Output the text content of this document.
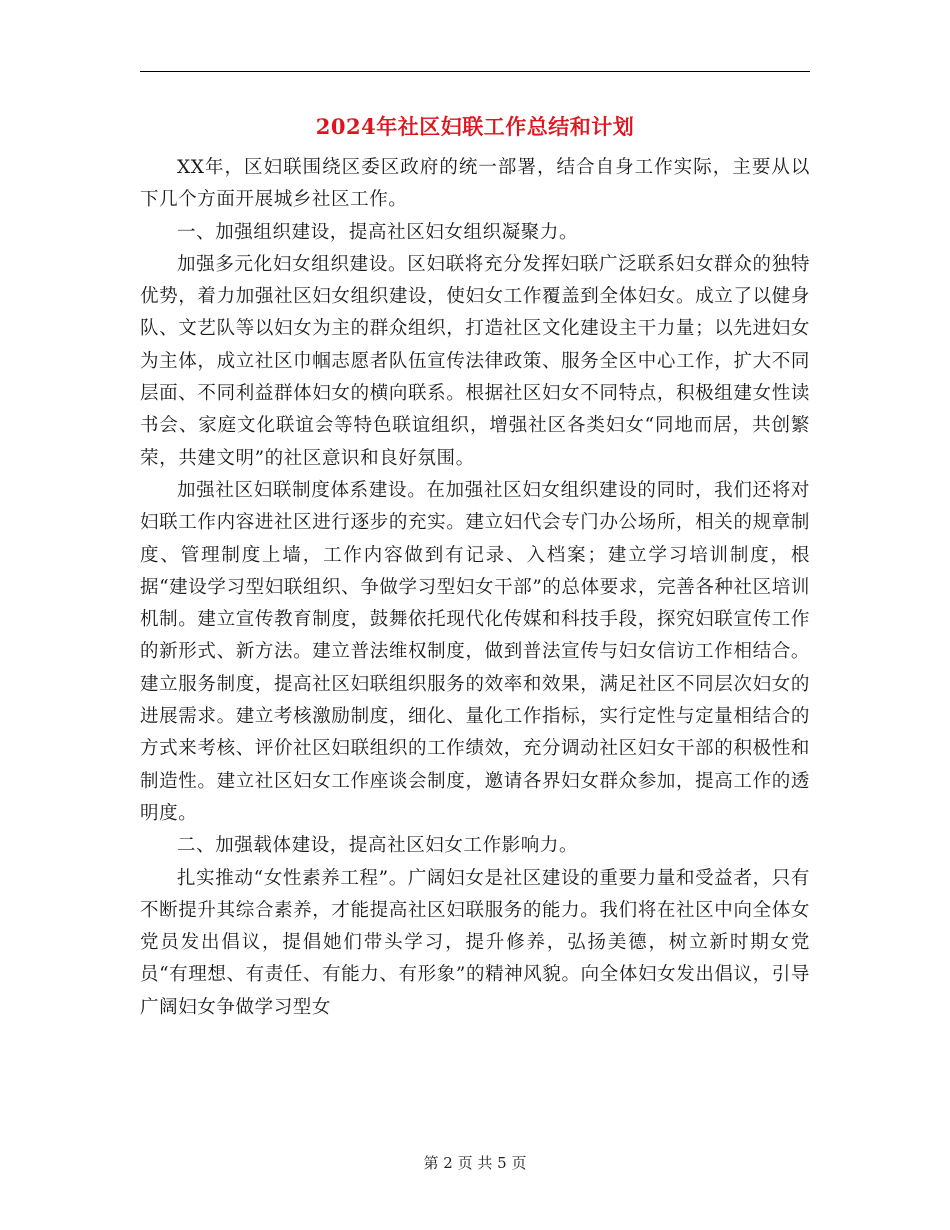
2024年社区妇联工作总结和计划

XX年，区妇联围绕区委区政府的统一部署，结合自身工作实际，主要从以下几个方面开展城乡社区工作。

一、加强组织建设，提高社区妇女组织凝聚力。

加强多元化妇女组织建设。区妇联将充分发挥妇联广泛联系妇女群众的独特优势，着力加强社区妇女组织建设，使妇女工作覆盖到全体妇女。成立了以健身队、文艺队等以妇女为主的群众组织，打造社区文化建设主干力量；以先进妇女为主体，成立社区巾帼志愿者队伍宣传法律政策、服务全区中心工作，扩大不同层面、不同利益群体妇女的横向联系。根据社区妇女不同特点，积极组建女性读书会、家庭文化联谊会等特色联谊组织，增强社区各类妇女“同地而居，共创繁荣，共建文明”的社区意识和良好氛围。

加强社区妇联制度体系建设。在加强社区妇女组织建设的同时，我们还将对妇联工作内容进社区进行逐步的充实。建立妇代会专门办公场所，相关的规章制度、管理制度上墙，工作内容做到有记录、入档案；建立学习培训制度，根据“建设学习型妇联组织、争做学习型妇女干部”的总体要求，完善各种社区培训机制。建立宣传教育制度，鼓舞依托现代化传媒和科技手段，探究妇联宣传工作的新形式、新方法。建立普法维权制度，做到普法宣传与妇女信访工作相结合。建立服务制度，提高社区妇联组织服务的效率和效果，满足社区不同层次妇女的进展需求。建立考核激励制度，细化、量化工作指标，实行定性与定量相结合的方式来考核、评价社区妇联组织的工作绩效，充分调动社区妇女干部的积极性和制造性。建立社区妇女工作座谈会制度，邀请各界妇女群众参加，提高工作的透明度。

二、加强载体建设，提高社区妇女工作影响力。

扎实推动“女性素养工程”。广阔妇女是社区建设的重要力量和受益者，只有不断提升其综合素养，才能提高社区妇联服务的能力。我们将在社区中向全体女党员发出倡议，提倡她们带头学习，提升修养，弘扬美德，树立新时期女党员“有理想、有责任、有能力、有形象”的精神风貌。向全体妇女发出倡议，引导广阔妇女争做学习型女

第 2 页 共 5 页
